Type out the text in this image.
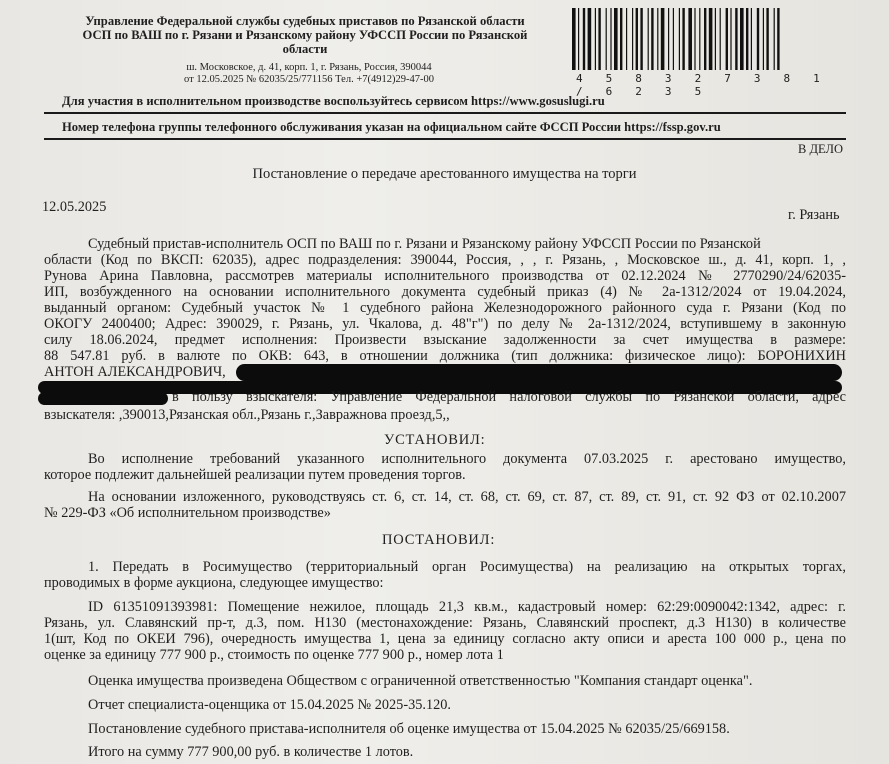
Управление Федеральной службы судебных приставов по Рязанской области
ОСП по ВАШ по г. Рязани и Рязанскому району УФССП России по Рязанской
области
ш. Московское, д. 41, корп. 1, г. Рязань, Россия, 390044
от 12.05.2025 № 62035/25/771156 Тел. +7(4912)29-47-00	4 5 8 3 2 7 3 8 1 / 6 2 3 5
Для участия в исполнительном производстве воспользуйтесь сервисом https://www.gosuslugi.ru
Номер телефона группы телефонного обслуживания указан на официальном сайте ФССП России https://fssp.gov.ru
В ДЕЛО
Постановление о передаче арестованного имущества на торги
12.05.2025	г. Рязань
Судебный пристав-исполнитель ОСП по ВАШ по г. Рязани и Рязанскому району УФССП России по Рязанской
области (Код по ВКСП: 62035), адрес подразделения: 390044, Россия, , , г. Рязань, , Московское ш., д. 41, корп. 1, ,
Рунова Арина Павловна, рассмотрев материалы исполнительного производства от 02.12.2024 № 2770290/24/62035-
ИП, возбужденного на основании исполнительного документа судебный приказ (4) № 2а-1312/2024 от 19.04.2024,
выданный органом: Судебный участок № 1 судебного района Железнодорожного районного суда г. Рязани (Код по
ОКОГУ 2400400; Адрес: 390029, г. Рязань, ул. Чкалова, д. 48"г") по делу № 2а-1312/2024, вступившему в законную
силу 18.06.2024, предмет исполнения: Произвести взыскание задолженности за счет имущества в размере:
88 547.81 руб. в валюте по ОКВ: 643, в отношении должника (тип должника: физическое лицо): БОРОНИХИН
АНТОН АЛЕКСАНДРОВИЧ,
в пользу взыскателя: Управление Федеральной налоговой службы по Рязанской области, адрес
взыскателя: ,390013,Рязанская обл.,Рязань г.,Завражнова проезд,5,,
УСТАНОВИЛ:
Во исполнение требований указанного исполнительного документа 07.03.2025 г. арестовано имущество,
которое подлежит дальнейшей реализации путем проведения торгов.
На основании изложенного, руководствуясь ст. 6, ст. 14, ст. 68, ст. 69, ст. 87, ст. 89, ст. 91, ст. 92 ФЗ от 02.10.2007
№ 229-ФЗ «Об исполнительном производстве»
ПОСТАНОВИЛ:
1. Передать в Росимущество (территориальный орган Росимущества) на реализацию на открытых торгах,
проводимых в форме аукциона, следующее имущество:
ID 61351091393981: Помещение нежилое, площадь 21,3 кв.м., кадастровый номер: 62:29:0090042:1342, адрес: г.
Рязань, ул. Славянский пр-т, д.3, пом. Н130 (местонахождение: Рязань, Славянский проспект, д.3 Н130) в количестве
1(шт, Код по ОКЕИ 796), очередность имущества 1, цена за единицу согласно акту описи и ареста 100 000 р., цена по
оценке за единицу 777 900 р., стоимость по оценке 777 900 р., номер лота 1
Оценка имущества произведена Обществом с ограниченной ответственностью "Компания стандарт оценка".
Отчет специалиста-оценщика от 15.04.2025 № 2025-35.120.
Постановление судебного пристава-исполнителя об оценке имущества от 15.04.2025 № 62035/25/669158.
Итого на сумму 777 900,00 руб. в количестве 1 лотов.
